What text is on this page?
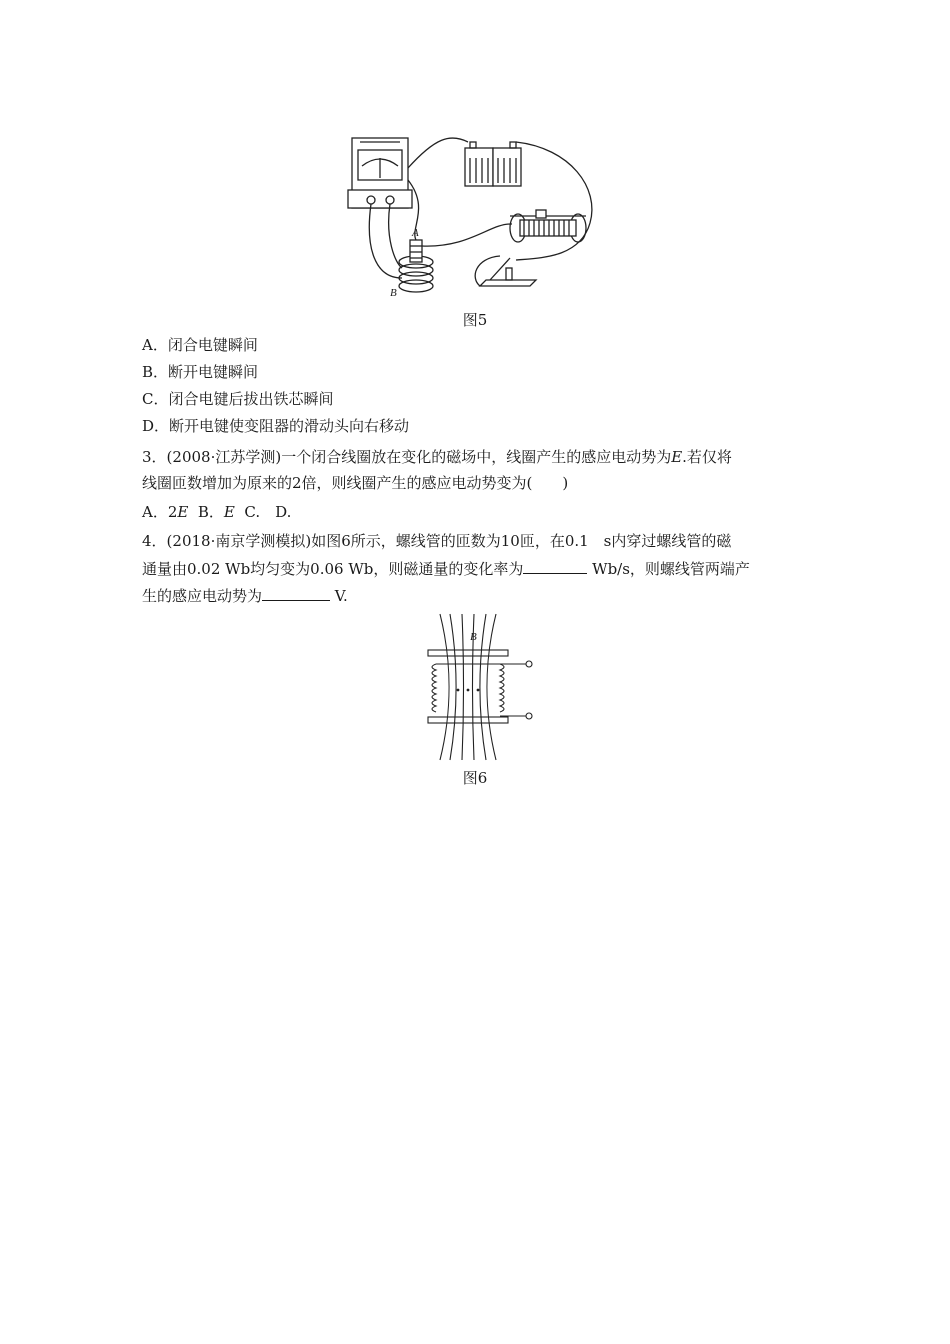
A
B
图5
A．闭合电键瞬间
B．断开电键瞬间
C．闭合电键后拔出铁芯瞬间
D．断开电键使变阻器的滑动头向右移动
3．(2008·江苏学测)一个闭合线圈放在变化的磁场中，线圈产生的感应电动势为E.若仅将
线圈匝数增加为原来的2倍，则线圈产生的感应电动势变为(　　)
A．2E B．E C.　D.
4．(2018·南京学测模拟)如图6所示，螺线管的匝数为10匝，在0.1　s内穿过螺线管的磁
通量由0.02 Wb均匀变为0.06 Wb，则磁通量的变化率为	Wb/s，则螺线管两端产
生的感应电动势为	V.
B
图6
